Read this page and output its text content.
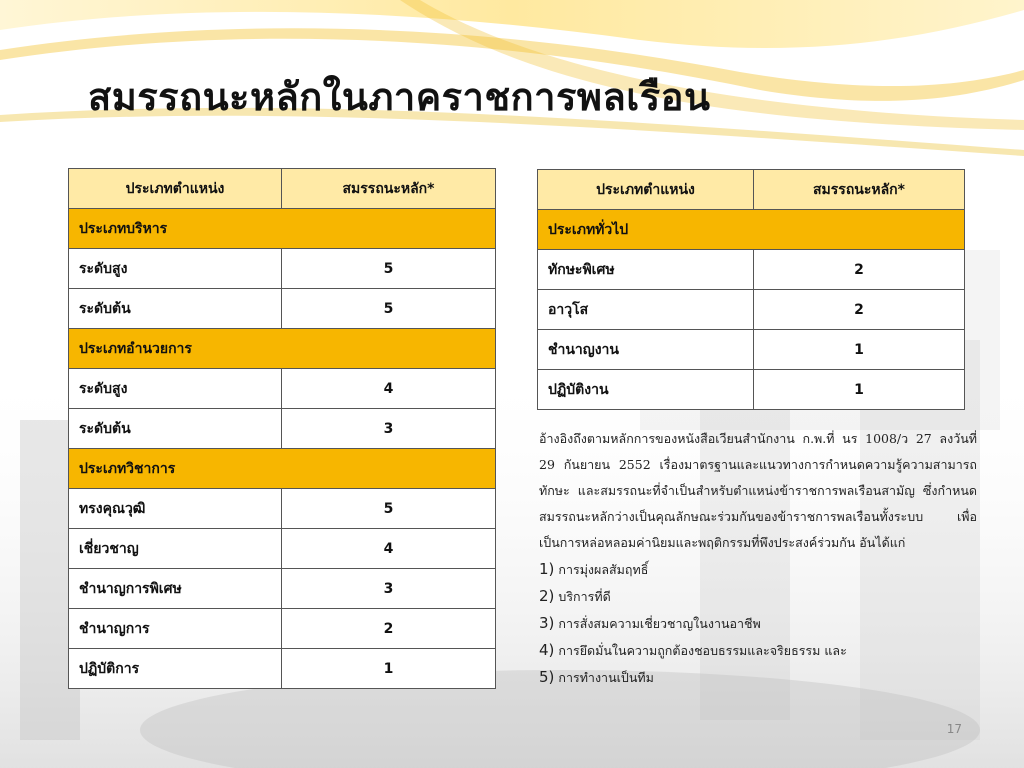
สมรรถนะหลักในภาคราชการพลเรือน
ประเภทตำแหน่ง	สมรรถนะหลัก*
ประเภทบริหาร	
ระดับสูง	5
ระดับต้น	5
ประเภทอำนวยการ	
ระดับสูง	4
ระดับต้น	3
ประเภทวิชาการ	
ทรงคุณวุฒิ	5
เชี่ยวชาญ	4
ชำนาญการพิเศษ	3
ชำนาญการ	2
ปฏิบัติการ	1
ประเภทตำแหน่ง	สมรรถนะหลัก*
ประเภททั่วไป	
ทักษะพิเศษ	2
อาวุโส	2
ชำนาญงาน	1
ปฏิบัติงาน	1

อ้างอิงถึงตามหลักการของหนังสือเวียนสำนักงาน ก.พ.ที่ นร 1008/ว 27 ลงวันที่ 29 กันยายน 2552 เรื่องมาตรฐานและแนวทางการกำหนดความรู้ความสามารถ ทักษะ และสมรรถนะที่จำเป็นสำหรับตำแหน่งข้าราชการพลเรือนสามัญ ซึ่งกำหนดสมรรถนะหลักว่างเป็นคุณลักษณะร่วมกันของข้าราชการพลเรือนทั้งระบบ เพื่อเป็นการหล่อหลอมค่านิยมและพฤติกรรมที่พึงประสงค์ร่วมกัน อันได้แก่

1) การมุ่งผลสัมฤทธิ์
2) บริการที่ดี
3) การสั่งสมความเชี่ยวชาญในงานอาชีพ
4) การยึดมั่นในความถูกต้องชอบธรรมและจริยธรรม และ
5) การทำงานเป็นทีม
17
